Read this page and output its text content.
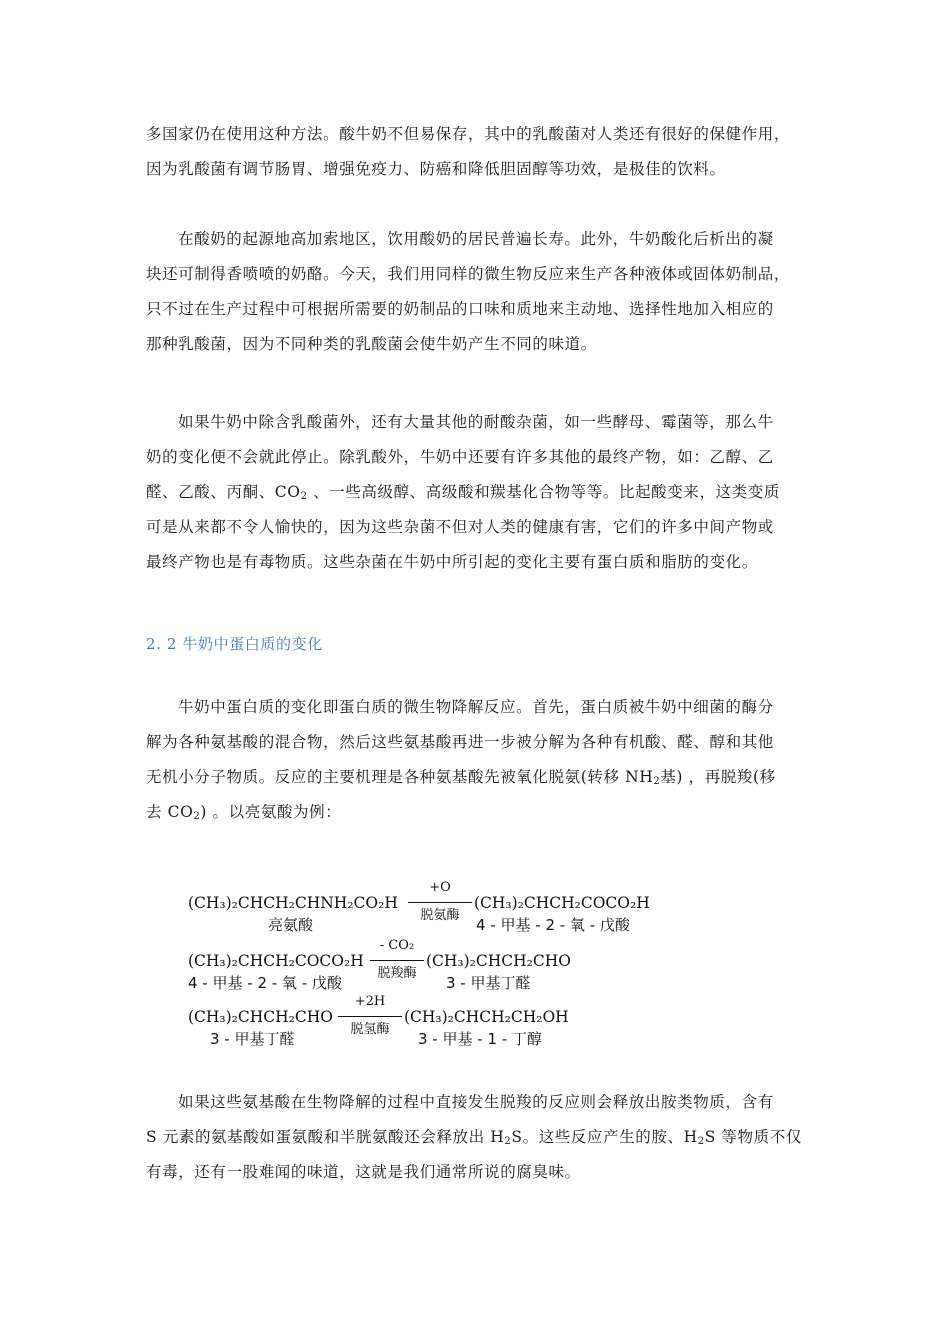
多国家仍在使用这种方法。酸牛奶不但易保存，其中的乳酸菌对人类还有很好的保健作用，
因为乳酸菌有调节肠胃、增强免疫力、防癌和降低胆固醇等功效，是极佳的饮料。

在酸奶的起源地高加索地区，饮用酸奶的居民普遍长寿。此外，牛奶酸化后析出的凝
块还可制得香喷喷的奶酪。今天，我们用同样的微生物反应来生产各种液体或固体奶制品，
只不过在生产过程中可根据所需要的奶制品的口味和质地来主动地、选择性地加入相应的
那种乳酸菌，因为不同种类的乳酸菌会使牛奶产生不同的味道。

如果牛奶中除含乳酸菌外，还有大量其他的耐酸杂菌，如一些酵母、霉菌等，那么牛
奶的变化便不会就此停止。除乳酸外，牛奶中还要有许多其他的最终产物，如：乙醇、乙
醛、乙酸、丙酮、$CO_2$ 、一些高级醇、高级酸和羰基化合物等等。比起酸变来，这类变质
可是从来都不令人愉快的，因为这些杂菌不但对人类的健康有害，它们的许多中间产物或
最终产物也是有毒物质。这些杂菌在牛奶中所引起的变化主要有蛋白质和脂肪的变化。

2. 2 牛奶中蛋白质的变化

牛奶中蛋白质的变化即蛋白质的微生物降解反应。首先，蛋白质被牛奶中细菌的酶分
解为各种氨基酸的混合物，然后这些氨基酸再进一步被分解为各种有机酸、醛、醇和其他
无机小分子物质。反应的主要机理是各种氨基酸先被氧化脱氨(转移 $NH_2$基) ，再脱羧(移
去 $CO_2$) 。以亮氨酸为例：

(CH₃)₂CHCH₂CHNH₂CO₂H
亮氨酸
+O
脱氨酶
(CH₃)₂CHCH₂COCO₂H
4 - 甲基 - 2 - 氧 - 戊酸
(CH₃)₂CHCH₂COCO₂H
4 - 甲基 - 2 - 氧 - 戊酸
- CO₂
脱羧酶
(CH₃)₂CHCH₂CHO
3 - 甲基丁醛
(CH₃)₂CHCH₂CHO
3 - 甲基丁醛
+2H
脱氢酶
(CH₃)₂CHCH₂CH₂OH
3 - 甲基 - 1 - 丁醇

如果这些氨基酸在生物降解的过程中直接发生脱羧的反应则会释放出胺类物质，含有
S 元素的氨基酸如蛋氨酸和半胱氨酸还会释放出 $H_2S$。这些反应产生的胺、$H_2S$ 等物质不仅
有毒，还有一股难闻的味道，这就是我们通常所说的腐臭味。
